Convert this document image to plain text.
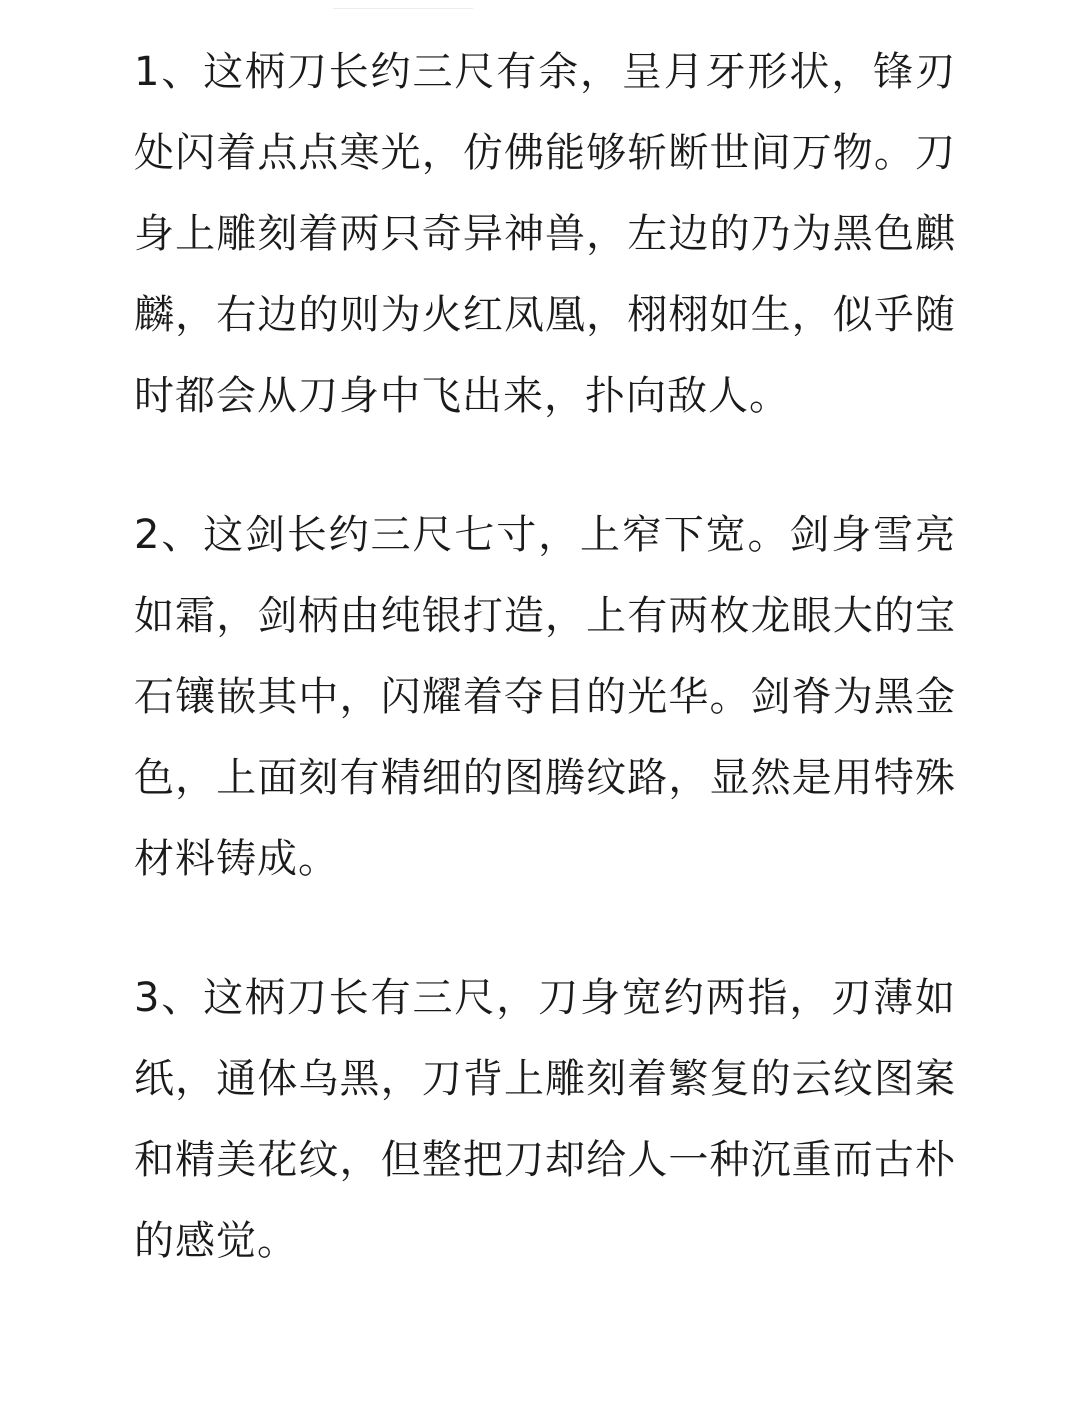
1、这柄刀长约三尺有余，呈月牙形状，锋刃处闪着点点寒光，仿佛能够斩断世间万物。刀身上雕刻着两只奇异神兽，左边的乃为黑色麒麟，右边的则为火红凤凰，栩栩如生，似乎随时都会从刀身中飞出来，扑向敌人。

2、这剑长约三尺七寸，上窄下宽。剑身雪亮如霜，剑柄由纯银打造，上有两枚龙眼大的宝石镶嵌其中，闪耀着夺目的光华。剑脊为黑金色，上面刻有精细的图腾纹路，显然是用特殊材料铸成。

3、这柄刀长有三尺，刀身宽约两指，刃薄如纸，通体乌黑，刀背上雕刻着繁复的云纹图案和精美花纹，但整把刀却给人一种沉重而古朴的感觉。
